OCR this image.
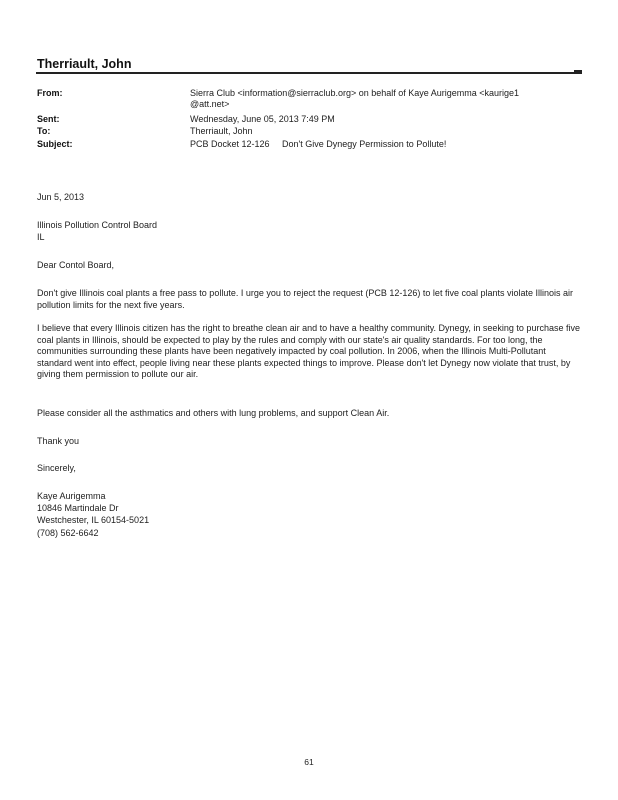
Therriault, John
From:	Sierra Club <information@sierraclub.org> on behalf of Kaye Aurigemma <kaurige1
@att.net>
Sent:	Wednesday, June 05, 2013 7:49 PM
To:	Therriault, John
Subject:	PCB Docket 12-126     Don't Give Dynegy Permission to Pollute!
Jun 5, 2013
Illinois Pollution Control Board
IL
Dear Contol Board,
Don't give Illinois coal plants a free pass to pollute. I urge you to reject the request (PCB 12-126) to let five coal plants violate Illinois air pollution limits for the next five years.
I believe that every Illinois citizen has the right to breathe clean air and to have a healthy community. Dynegy, in seeking to purchase five coal plants in Illinois, should be expected to play by the rules and comply with our state's air quality standards. For too long, the communities surrounding these plants have been negatively impacted by coal pollution. In 2006, when the Illinois Multi-Pollutant standard went into effect, people living near these plants expected things to improve. Please don't let Dynegy now violate that trust, by giving them permission to pollute our air.
Please consider all the asthmatics and others with lung problems, and support Clean Air.
Thank you
Sincerely,
Kaye Aurigemma
10846 Martindale Dr
Westchester, IL 60154-5021
(708) 562-6642
61
